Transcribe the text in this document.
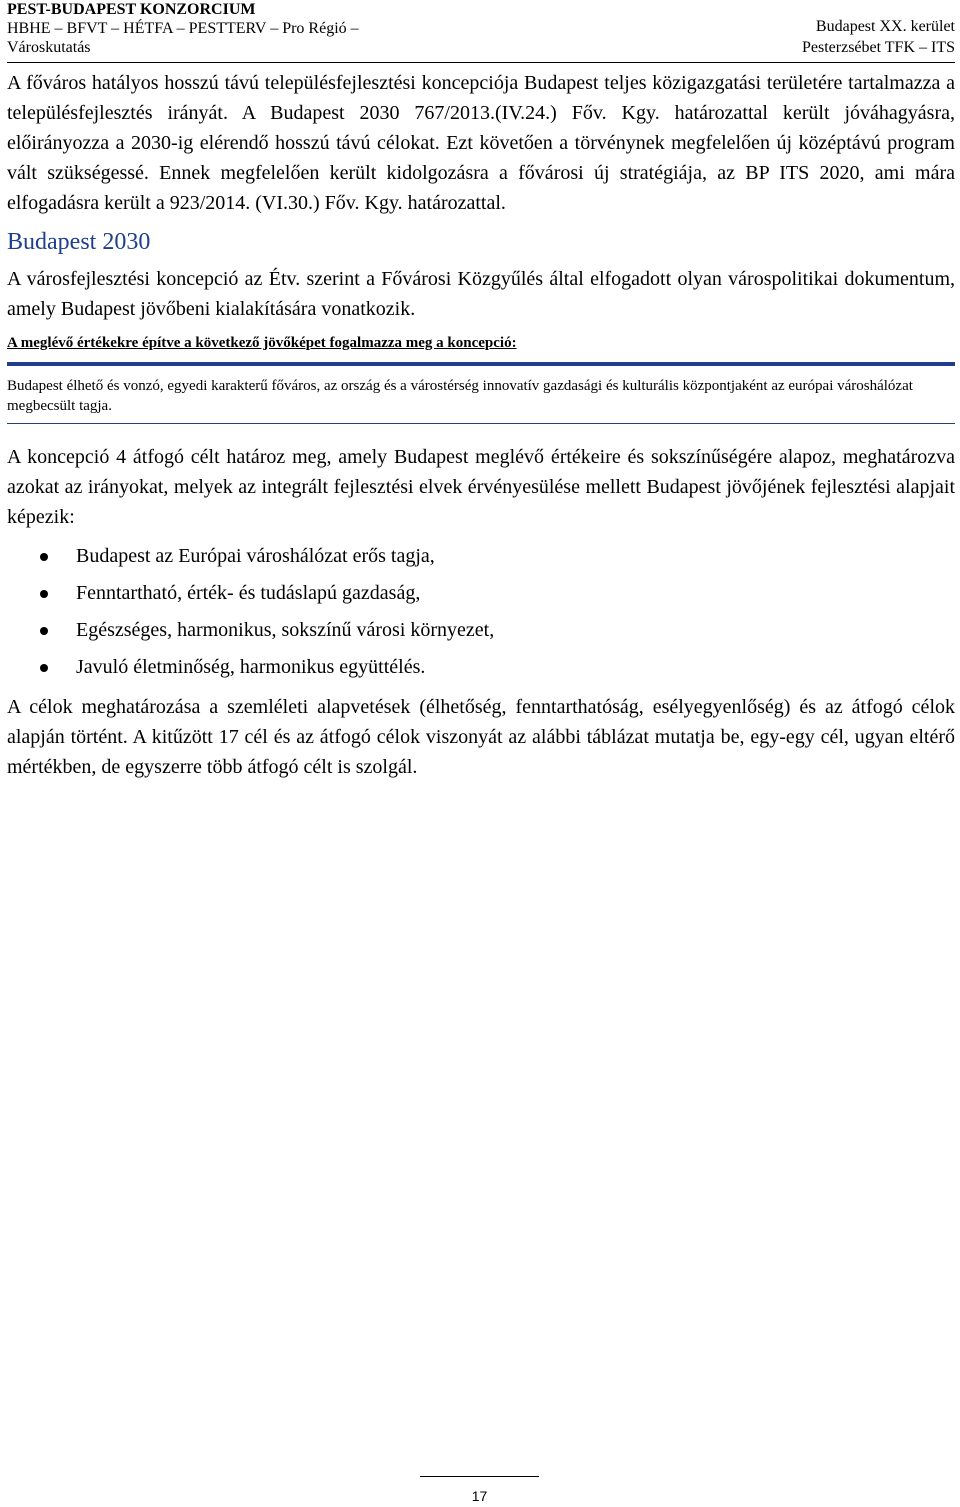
PEST-BUDAPEST KONZORCIUM
HBHE – BFVT – HÉTFA – PESTTERV – Pro Régió –
Városkutatás
Budapest XX. kerület
Pesterzsébet TFK – ITS

A főváros hatályos hosszú távú településfejlesztési koncepciója Budapest teljes közigazgatási területére tartalmazza a településfejlesztés irányát. A Budapest 2030 767/2013.(IV.24.) Főv. Kgy. határozattal került jóváhagyásra, előirányozza a 2030-ig elérendő hosszú távú célokat. Ezt követően a törvénynek megfelelően új középtávú program vált szükségessé. Ennek megfelelően került kidolgozásra a fővárosi új stratégiája, az BP ITS 2020, ami mára elfogadásra került a 923/2014. (VI.30.) Főv. Kgy. határozattal.

Budapest 2030

A városfejlesztési koncepció az Étv. szerint a Fővárosi Közgyűlés által elfogadott olyan várospolitikai dokumentum, amely Budapest jövőbeni kialakítására vonatkozik.

A meglévő értékekre építve a következő jövőképet fogalmazza meg a koncepció:
Budapest élhető és vonzó, egyedi karakterű főváros, az ország és a várostérség innovatív gazdasági és kulturális központjaként az európai városhálózat megbecsült tagja.

A koncepció 4 átfogó célt határoz meg, amely Budapest meglévő értékeire és sokszínűségére alapoz, meghatározva azokat az irányokat, melyek az integrált fejlesztési elvek érvényesülése mellett Budapest jövőjének fejlesztési alapjait képezik:

Budapest az Európai városhálózat erős tagja,
Fenntartható, érték- és tudáslapú gazdaság,
Egészséges, harmonikus, sokszínű városi környezet,
Javuló életminőség, harmonikus együttélés.

A célok meghatározása a szemléleti alapvetések (élhetőség, fenntarthatóság, esélyegyenlőség) és az átfogó célok alapján történt. A kitűzött 17 cél és az átfogó célok viszonyát az alábbi táblázat mutatja be, egy-egy cél, ugyan eltérő mértékben, de egyszerre több átfogó célt is szolgál.

17
